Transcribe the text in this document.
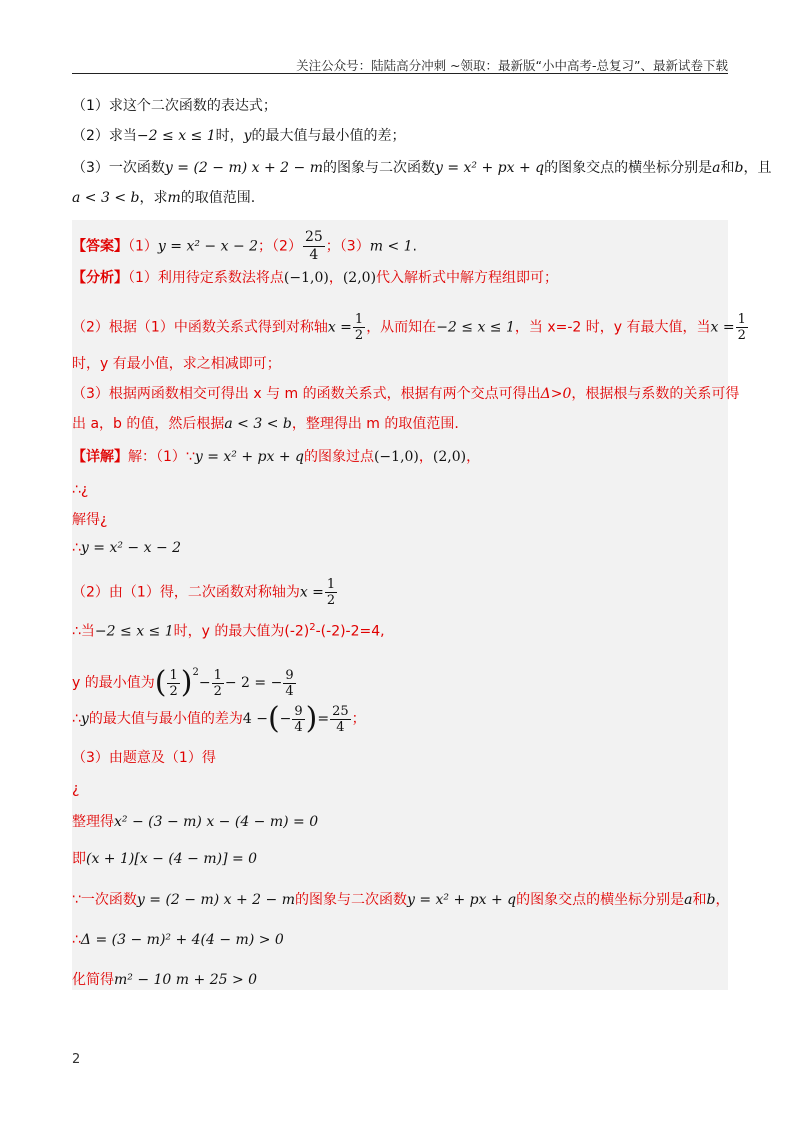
关注公众号：陆陆高分冲刺 ~领取：最新版“小中高考-总复习”、最新试卷下载
（1）求这个二次函数的表达式；
（2）求当−2 ≤ x ≤ 1时，y的最大值与最小值的差；
（3）一次函数y = (2 − m) x + 2 − m的图象与二次函数y = x² + px + q的图象交点的横坐标分别是a和b，且
a < 3 < b，求m的取值范围.
【答案】（1）y = x² − x − 2；$(2) \frac{25}{4}$ ；（3）m < 1.
【分析】（1）利用待定系数法将点(−1,0)，(2,0)代入解析式中解方程组即可；
（2）根据（1）中函数关系式得到对称轴$x = \frac{1}{2}$ ，从而知在−2 ≤ x ≤ 1，当 x=-2 时，y 有最大值，当$x = \frac{1}{2}$
时，y 有最小值，求之相减即可；
（3）根据两函数相交可得出 x 与 m 的函数关系式，根据有两个交点可得出Δ>0，根据根与系数的关系可得
出 a，b 的值，然后根据a < 3 < b，整理得出 m 的取值范围.
【详解】解：（1）∵y = x² + px + q的图象过点(−1,0)，(2,0)，
∴¿
解得¿
∴y = x² − x − 2
（2）由（1）得，二次函数对称轴为$x = \frac{1}{2}$
∴当−2 ≤ x ≤ 1时，y 的最大值为$(-2)^2-(-2)-2=4$,
y 的最小值为( $\frac{1}{2} )^2- \frac{1}{2} - 2$ = − $\frac{9}{4}$
∴y的最大值与最小值的差为4 −(− $\frac{9}{4}$ )= $\frac{25}{4}$ ；
（3）由题意及（1）得
¿
整理得x² − (3 − m) x − (4 − m) = 0
即(x + 1)[x − (4 − m)] = 0
∵一次函数y = (2 − m) x + 2 − m的图象与二次函数y = x² + px + q的图象交点的横坐标分别是a和b，
∴Δ = (3 − m)² + 4(4 − m) > 0
化简得m² − 10 m + 25 > 0
2
